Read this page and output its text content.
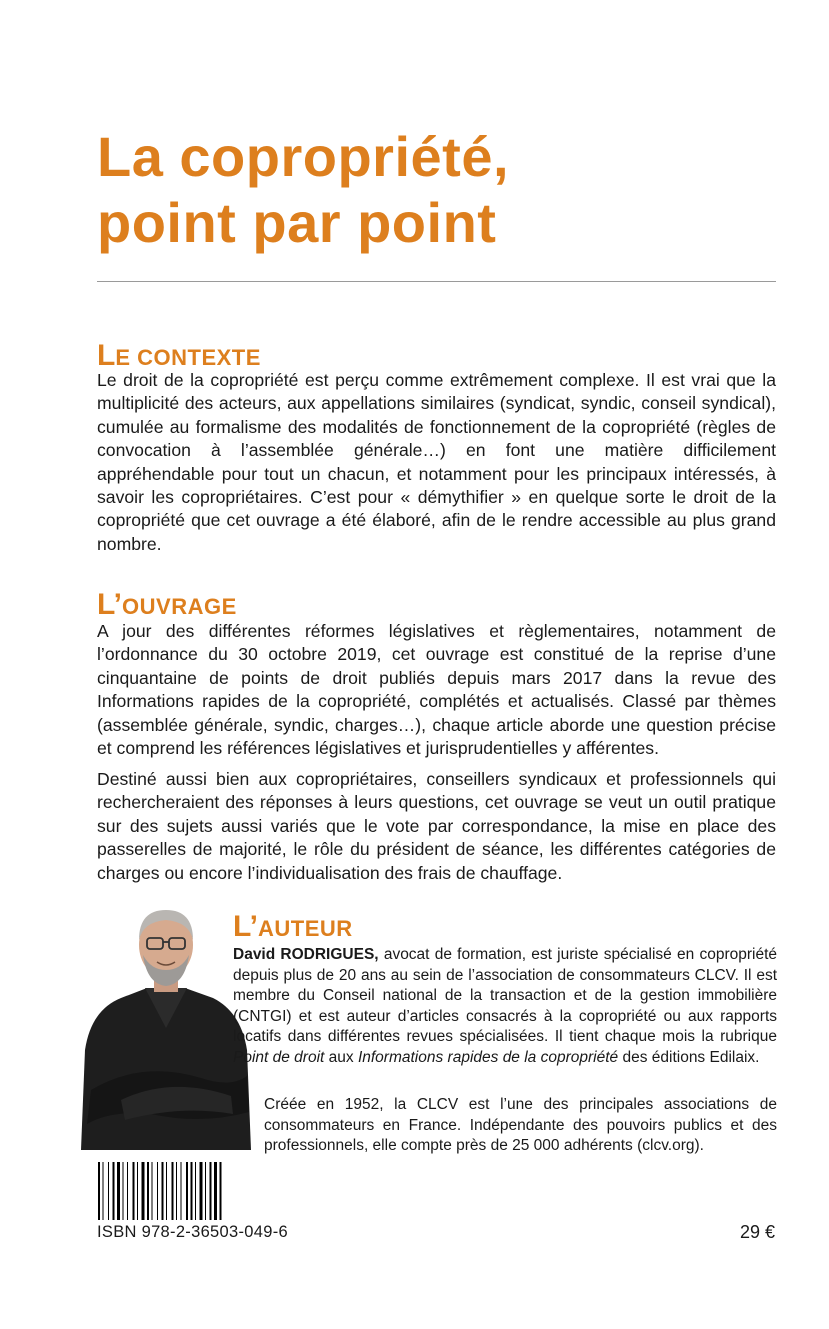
La copropriété,
point par point
LE CONTEXTE

Le droit de la copropriété est perçu comme extrêmement complexe. Il est vrai que la multiplicité des acteurs, aux appellations similaires (syndicat, syndic, conseil syndical), cumulée au formalisme des modalités de fonctionnement de la copropriété (règles de convocation à l’assemblée générale…) en font une matière difficilement appréhendable pour tout un chacun, et notamment pour les principaux intéressés, à savoir les copropriétaires. C’est pour « démythifier » en quelque sorte le droit de la copropriété que cet ouvrage a été élaboré, afin de le rendre accessible au plus grand nombre.

L’OUVRAGE

A jour des différentes réformes législatives et règlementaires, notamment de l’ordonnance du 30 octobre 2019, cet ouvrage est constitué de la reprise d’une cinquantaine de points de droit publiés depuis mars 2017 dans la revue des Informations rapides de la copropriété, complétés et actualisés. Classé par thèmes (assemblée générale, syndic, charges…), chaque article aborde une question précise et comprend les références législatives et jurisprudentielles y afférentes.

Destiné aussi bien aux copropriétaires, conseillers syndicaux et professionnels qui rechercheraient des réponses à leurs questions, cet ouvrage se veut un outil pratique sur des sujets aussi variés que le vote par correspondance, la mise en place des passerelles de majorité, le rôle du président de séance, les différentes catégories de charges ou encore l’individualisation des frais de chauffage.

L’AUTEUR

David RODRIGUES, avocat de formation, est juriste spécialisé en copropriété depuis plus de 20 ans au sein de l’association de consommateurs CLCV. Il est membre du Conseil national de la transaction et de la gestion immobilière (CNTGI) et est auteur d’articles consacrés à la copropriété ou aux rapports locatifs dans différentes revues spécialisées. Il tient chaque mois la rubrique Point de droit aux Informations rapides de la copropriété des éditions Edilaix.

Créée en 1952, la CLCV est l’une des principales associations de consommateurs en France. Indépendante des pouvoirs publics et des professionnels, elle compte près de 25 000 adhérents (clcv.org).

ISBN 978-2-36503-049-6	29 €
